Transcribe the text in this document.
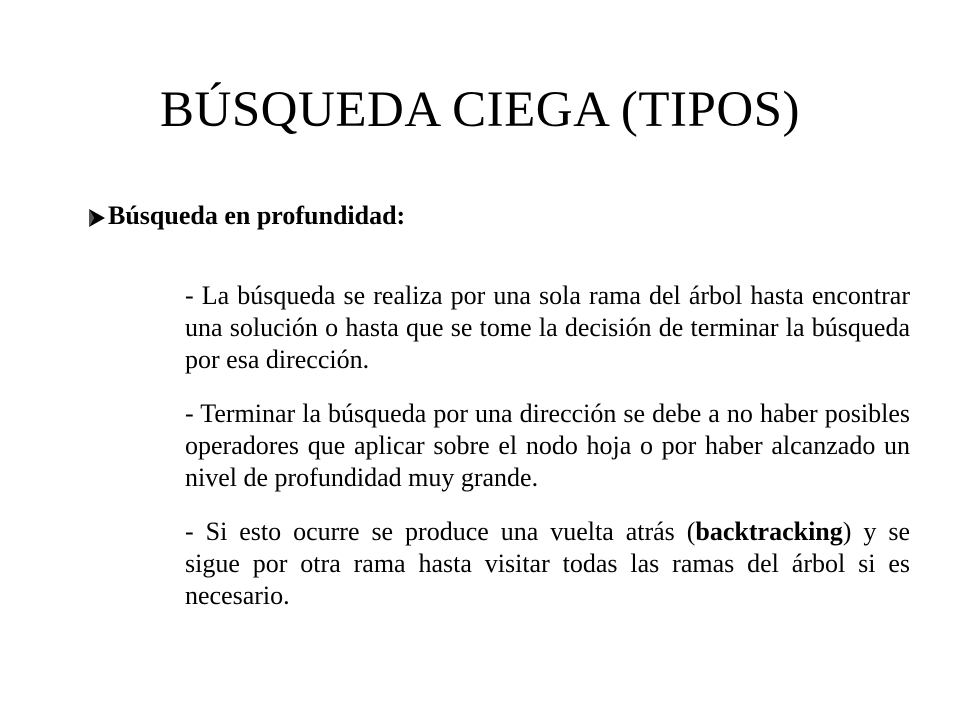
BÚSQUEDA CIEGA (TIPOS)
Búsqueda en profundidad:

- La búsqueda se realiza por una sola rama del árbol hasta encontrar una solución o hasta que se tome la decisión de terminar la búsqueda por esa dirección.

- Terminar la búsqueda por una dirección se debe a no haber posibles operadores que aplicar sobre el nodo hoja o por haber alcanzado un nivel de profundidad muy grande.

- Si esto ocurre se produce una vuelta atrás (backtracking) y se sigue por otra rama hasta visitar todas las ramas del árbol si es necesario.
